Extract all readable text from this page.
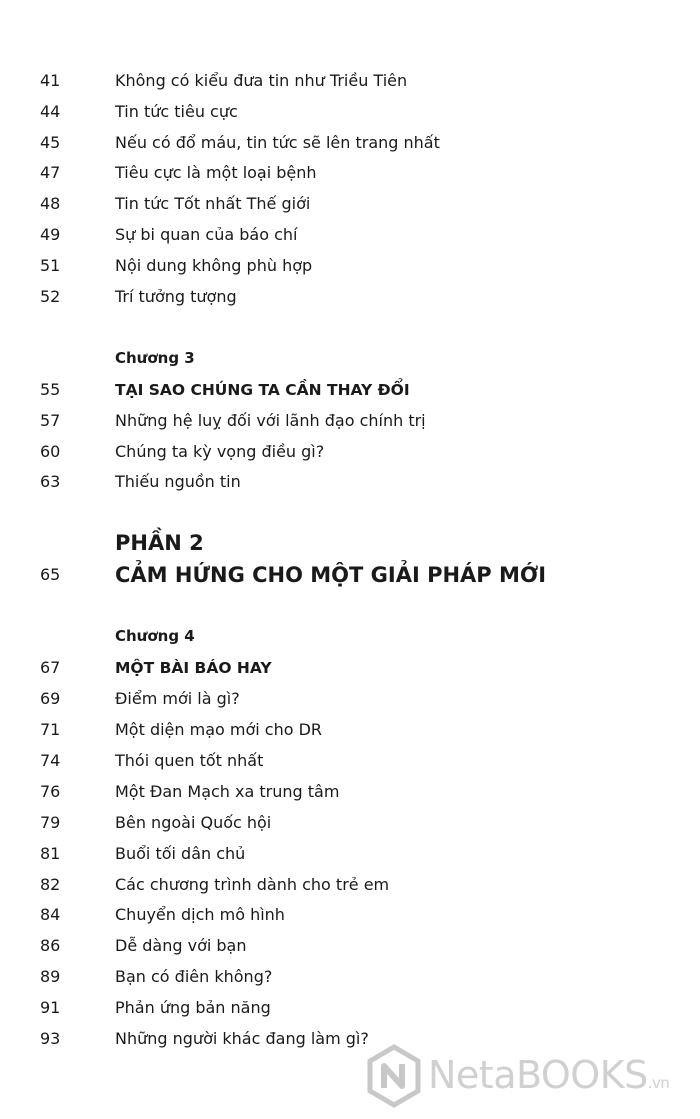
41	Không có kiểu đưa tin như Triều Tiên
44	Tin tức tiêu cực
45	Nếu có đổ máu, tin tức sẽ lên trang nhất
47	Tiêu cực là một loại bệnh
48	Tin tức Tốt nhất Thế giới
49	Sự bi quan của báo chí
51	Nội dung không phù hợp
52	Trí tưởng tượng
Chương 3
55	TẠI SAO CHÚNG TA CẦN THAY ĐỔI
57	Những hệ luỵ đối với lãnh đạo chính trị
60	Chúng ta kỳ vọng điều gì?
63	Thiếu nguồn tin
PHẦN 2
65	CẢM HỨNG CHO MỘT GIẢI PHÁP MỚI
Chương 4
67	MỘT BÀI BÁO HAY
69	Điểm mới là gì?
71	Một diện mạo mới cho DR
74	Thói quen tốt nhất
76	Một Đan Mạch xa trung tâm
79	Bên ngoài Quốc hội
81	Buổi tối dân chủ
82	Các chương trình dành cho trẻ em
84	Chuyển dịch mô hình
86	Dễ dàng với bạn
89	Bạn có điên không?
91	Phản ứng bản năng
93	Những người khác đang làm gì?
NetaBOOKS.vn
